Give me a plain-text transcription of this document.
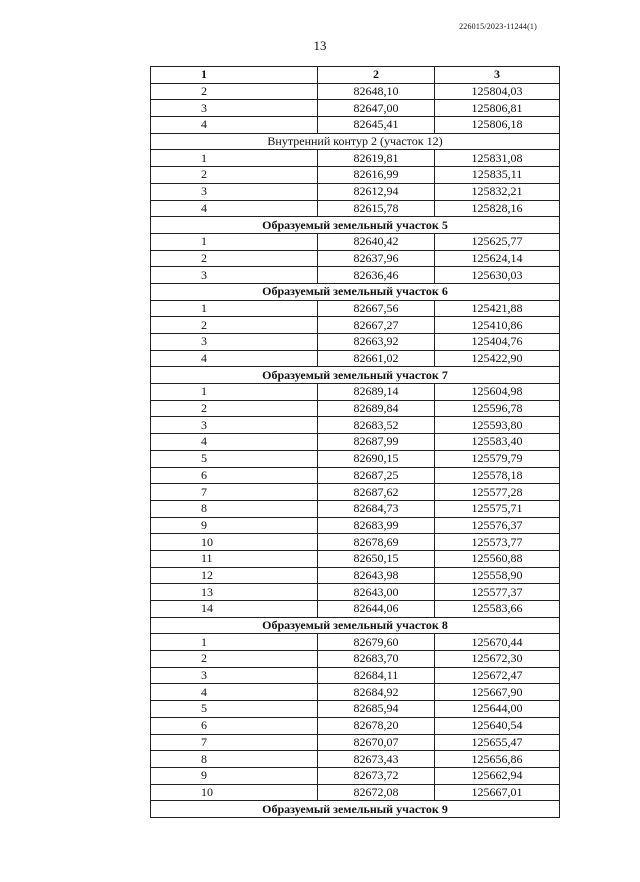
226015/2023-11244(1)
13
1	2	3
2	82648,10	125804,03
3	82647,00	125806,81
4	82645,41	125806,18
Внутренний контур 2 (участок 12)		
1	82619,81	125831,08
2	82616,99	125835,11
3	82612,94	125832,21
4	82615,78	125828,16
Образуемый земельный участок 5		
1	82640,42	125625,77
2	82637,96	125624,14
3	82636,46	125630,03
Образуемый земельный участок 6		
1	82667,56	125421,88
2	82667,27	125410,86
3	82663,92	125404,76
4	82661,02	125422,90
Образуемый земельный участок 7		
1	82689,14	125604,98
2	82689,84	125596,78
3	82683,52	125593,80
4	82687,99	125583,40
5	82690,15	125579,79
6	82687,25	125578,18
7	82687,62	125577,28
8	82684,73	125575,71
9	82683,99	125576,37
10	82678,69	125573,77
11	82650,15	125560,88
12	82643,98	125558,90
13	82643,00	125577,37
14	82644,06	125583,66
Образуемый земельный участок 8		
1	82679,60	125670,44
2	82683,70	125672,30
3	82684,11	125672,47
4	82684,92	125667,90
5	82685,94	125644,00
6	82678,20	125640,54
7	82670,07	125655,47
8	82673,43	125656,86
9	82673,72	125662,94
10	82672,08	125667,01
Образуемый земельный участок 9		
